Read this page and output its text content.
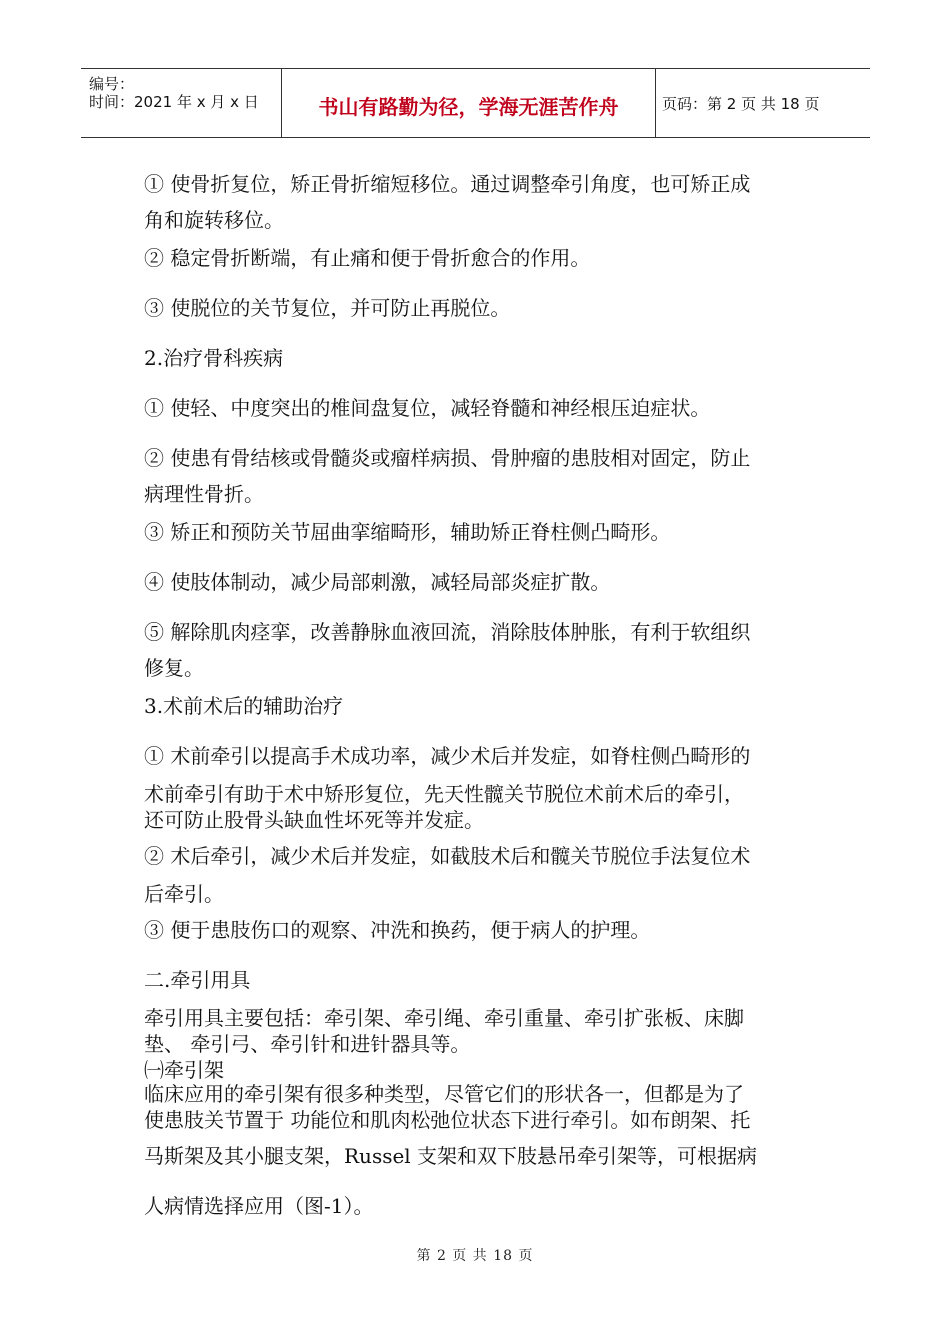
编号：
时间：2021 年 x 月 x 日	书山有路勤为径，学海无涯苦作舟	页码：第 2 页 共 18 页
① 使骨折复位，矫正骨折缩短移位。通过调整牵引角度，也可矫正成
角和旋转移位。
② 稳定骨折断端，有止痛和便于骨折愈合的作用。
③ 使脱位的关节复位，并可防止再脱位。
2.治疗骨科疾病
① 使轻、中度突出的椎间盘复位，减轻脊髓和神经根压迫症状。
② 使患有骨结核或骨髓炎或瘤样病损、骨肿瘤的患肢相对固定，防止
病理性骨折。
③ 矫正和预防关节屈曲挛缩畸形，辅助矫正脊柱侧凸畸形。
④ 使肢体制动，减少局部刺激，减轻局部炎症扩散。
⑤ 解除肌肉痉挛，改善静脉血液回流，消除肢体肿胀，有利于软组织
修复。
3.术前术后的辅助治疗
① 术前牵引以提高手术成功率，减少术后并发症，如脊柱侧凸畸形的
术前牵引有助于术中矫形复位，先天性髋关节脱位术前术后的牵引，
还可防止股骨头缺血性坏死等并发症。
② 术后牵引，减少术后并发症，如截肢术后和髋关节脱位手法复位术
后牵引。
③ 便于患肢伤口的观察、冲洗和换药，便于病人的护理。
二.牵引用具
牵引用具主要包括：牵引架、牵引绳、牵引重量、牵引扩张板、床脚
垫、 牵引弓、牵引针和进针器具等。
㈠牵引架
临床应用的牵引架有很多种类型，尽管它们的形状各一，但都是为了
使患肢关节置于 功能位和肌肉松弛位状态下进行牵引。如布朗架、托
马斯架及其小腿支架，Russel 支架和双下肢悬吊牵引架等，可根据病
人病情选择应用（图-1）。
第 2 页 共 18 页
